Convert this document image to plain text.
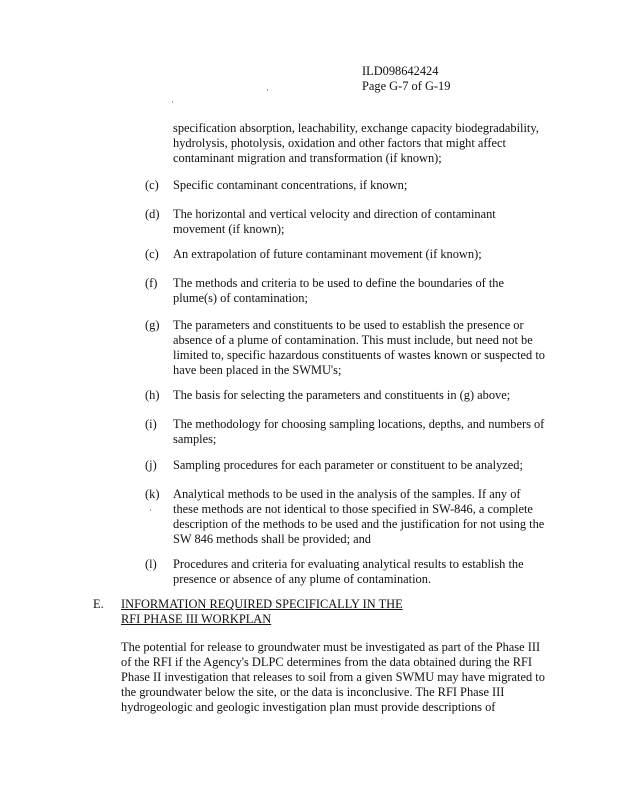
ILD098642424
Page G-7 of G-19
·
·
·
specification absorption, leachability, exchange capacity biodegradability, hydrolysis, photolysis, oxidation and other factors that might affect contaminant migration and transformation (if known);
(c)	Specific contaminant concentrations, if known;
(d)	The horizontal and vertical velocity and direction of contaminant movement (if known);
(c)	An extrapolation of future contaminant movement (if known);
(f)	The methods and criteria to be used to define the boundaries of the plume(s) of contamination;
(g)	The parameters and constituents to be used to establish the presence or absence of a plume of contamination. This must include, but need not be limited to, specific hazardous constituents of wastes known or suspected to have been placed in the SWMU's;
(h)	The basis for selecting the parameters and constituents in (g) above;
(i)	The methodology for choosing sampling locations, depths, and numbers of samples;
(j)	Sampling procedures for each parameter or constituent to be analyzed;
(k)	Analytical methods to be used in the analysis of the samples. If any of these methods are not identical to those specified in SW-846, a complete description of the methods to be used and the justification for not using the SW 846 methods shall be provided; and
(l)	Procedures and criteria for evaluating analytical results to establish the presence or absence of any plume of contamination.
E. INFORMATION REQUIRED SPECIFICALLY IN THE RFI PHASE III WORKPLAN
The potential for release to groundwater must be investigated as part of the Phase III of the RFI if the Agency's DLPC determines from the data obtained during the RFI Phase II investigation that releases to soil from a given SWMU may have migrated to the groundwater below the site, or the data is inconclusive. The RFI Phase III hydrogeologic and geologic investigation plan must provide descriptions of
